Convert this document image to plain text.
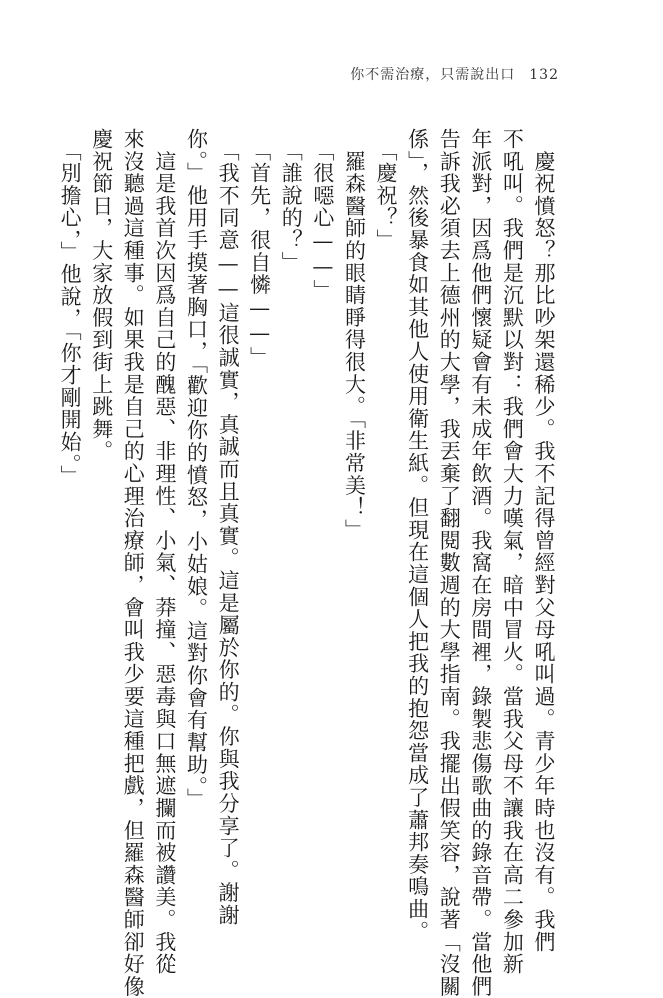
你不需治療，只需說出口 132
　慶祝憤怒？那比吵架還稀少。我不記得曾經對父母吼叫過。青少年時也沒有。我們
不吼叫。我們是沉默以對：我們會大力嘆氣，暗中冒火。當我父母不讓我在高二參加新
年派對，因爲他們懷疑會有未成年飲酒。我窩在房間裡，錄製悲傷歌曲的錄音帶。當他們
告訴我必須去上德州的大學，我丟棄了翻閱數週的大學指南。我擺出假笑容，說著「沒關
係」，然後暴食如其他人使用衛生紙。但現在這個人把我的抱怨當成了蕭邦奏鳴曲。
　「慶祝？」
　羅森醫師的眼睛睜得很大。「非常美！」
　「很噁心——」
　「誰說的？」
　「首先，很自憐——」
　「我不同意——這很誠實，真誠而且真實。這是屬於你的。你與我分享了。謝謝
你。」他用手摸著胸口，「歡迎你的憤怒，小姑娘。這對你會有幫助。」
　這是我首次因爲自己的醜惡、非理性、小氣、莽撞、惡毒與口無遮攔而被讚美。我從
來沒聽過這種事。如果我是自己的心理治療師，會叫我少要這種把戲，但羅森醫師卻好像
慶祝節日，大家放假到街上跳舞。
　「別擔心，」他說，「你才剛開始。」
